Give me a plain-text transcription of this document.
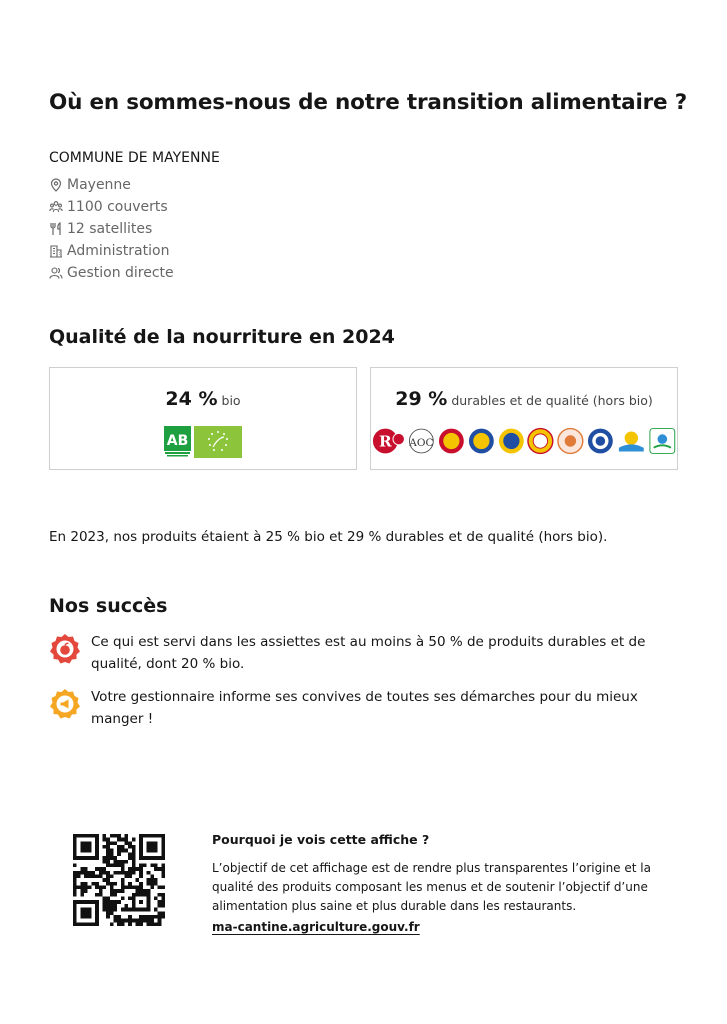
Où en sommes-nous de notre transition alimentaire ?
COMMUNE DE MAYENNE
Mayenne
1100 couverts
12 satellites
Administration
Gestion directe
Qualité de la nourriture en 2024
24 % bio
AB
29 % durables et de qualité (hors bio)
R AOC
En 2023, nos produits étaient à 25 % bio et 29 % durables et de qualité (hors bio).
Nos succès
Ce qui est servi dans les assiettes est au moins à 50 % de produits durables et de qualité, dont 20 % bio.
Votre gestionnaire informe ses convives de toutes ses démarches pour du mieux manger !
Pourquoi je vois cette affiche ?
L’objectif de cet affichage est de rendre plus transparentes l’origine et la qualité des produits composant les menus et de soutenir l’objectif d’une alimentation plus saine et plus durable dans les restaurants.
ma-cantine.agriculture.gouv.fr
